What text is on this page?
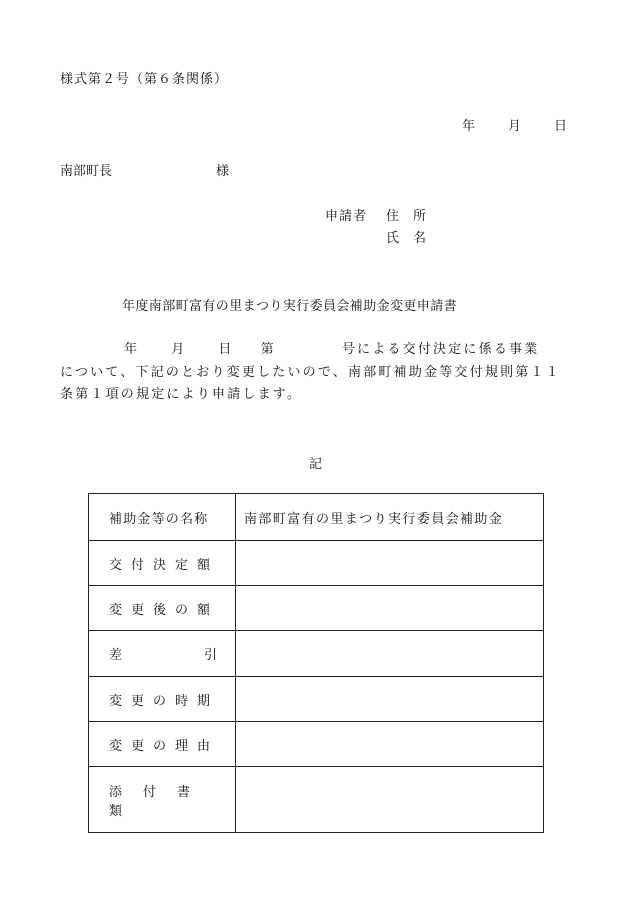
様式第２号（第６条関係）
年	月	日
南部町長	様
申請者 住所
氏名
年度南部町富有の里まつり実行委員会補助金変更申請書
年 月 日 第	号による交付決定に係る事業
について、下記のとおり変更したいので、南部町補助金等交付規則第１１
条第１項の規定により申請します。
記
補助金等の名称	南部町富有の里まつり実行委員会補助金
交付決定額
変更後の額
差	引
変更の時期
変更の理由
添付書類
